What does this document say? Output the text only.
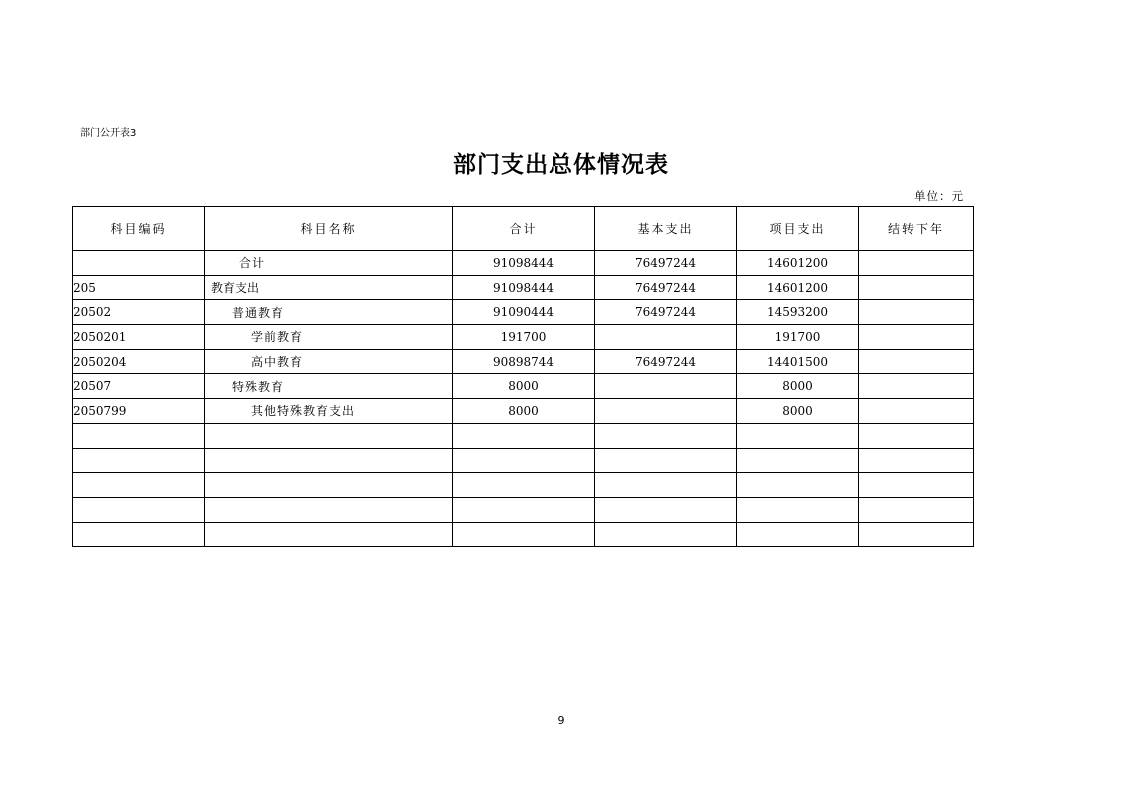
部门公开表3
部门支出总体情况表
单位：元
科目编码	科目名称	合计	基本支出	项目支出	结转下年
	合计	91098444	76497244	14601200	
205	教育支出	91098444	76497244	14601200	
20502	普通教育	91090444	76497244	14593200	
2050201	学前教育	191700		191700	
2050204	高中教育	90898744	76497244	14401500	
20507	特殊教育	8000		8000	
2050799	其他特殊教育支出	8000		8000	

9
